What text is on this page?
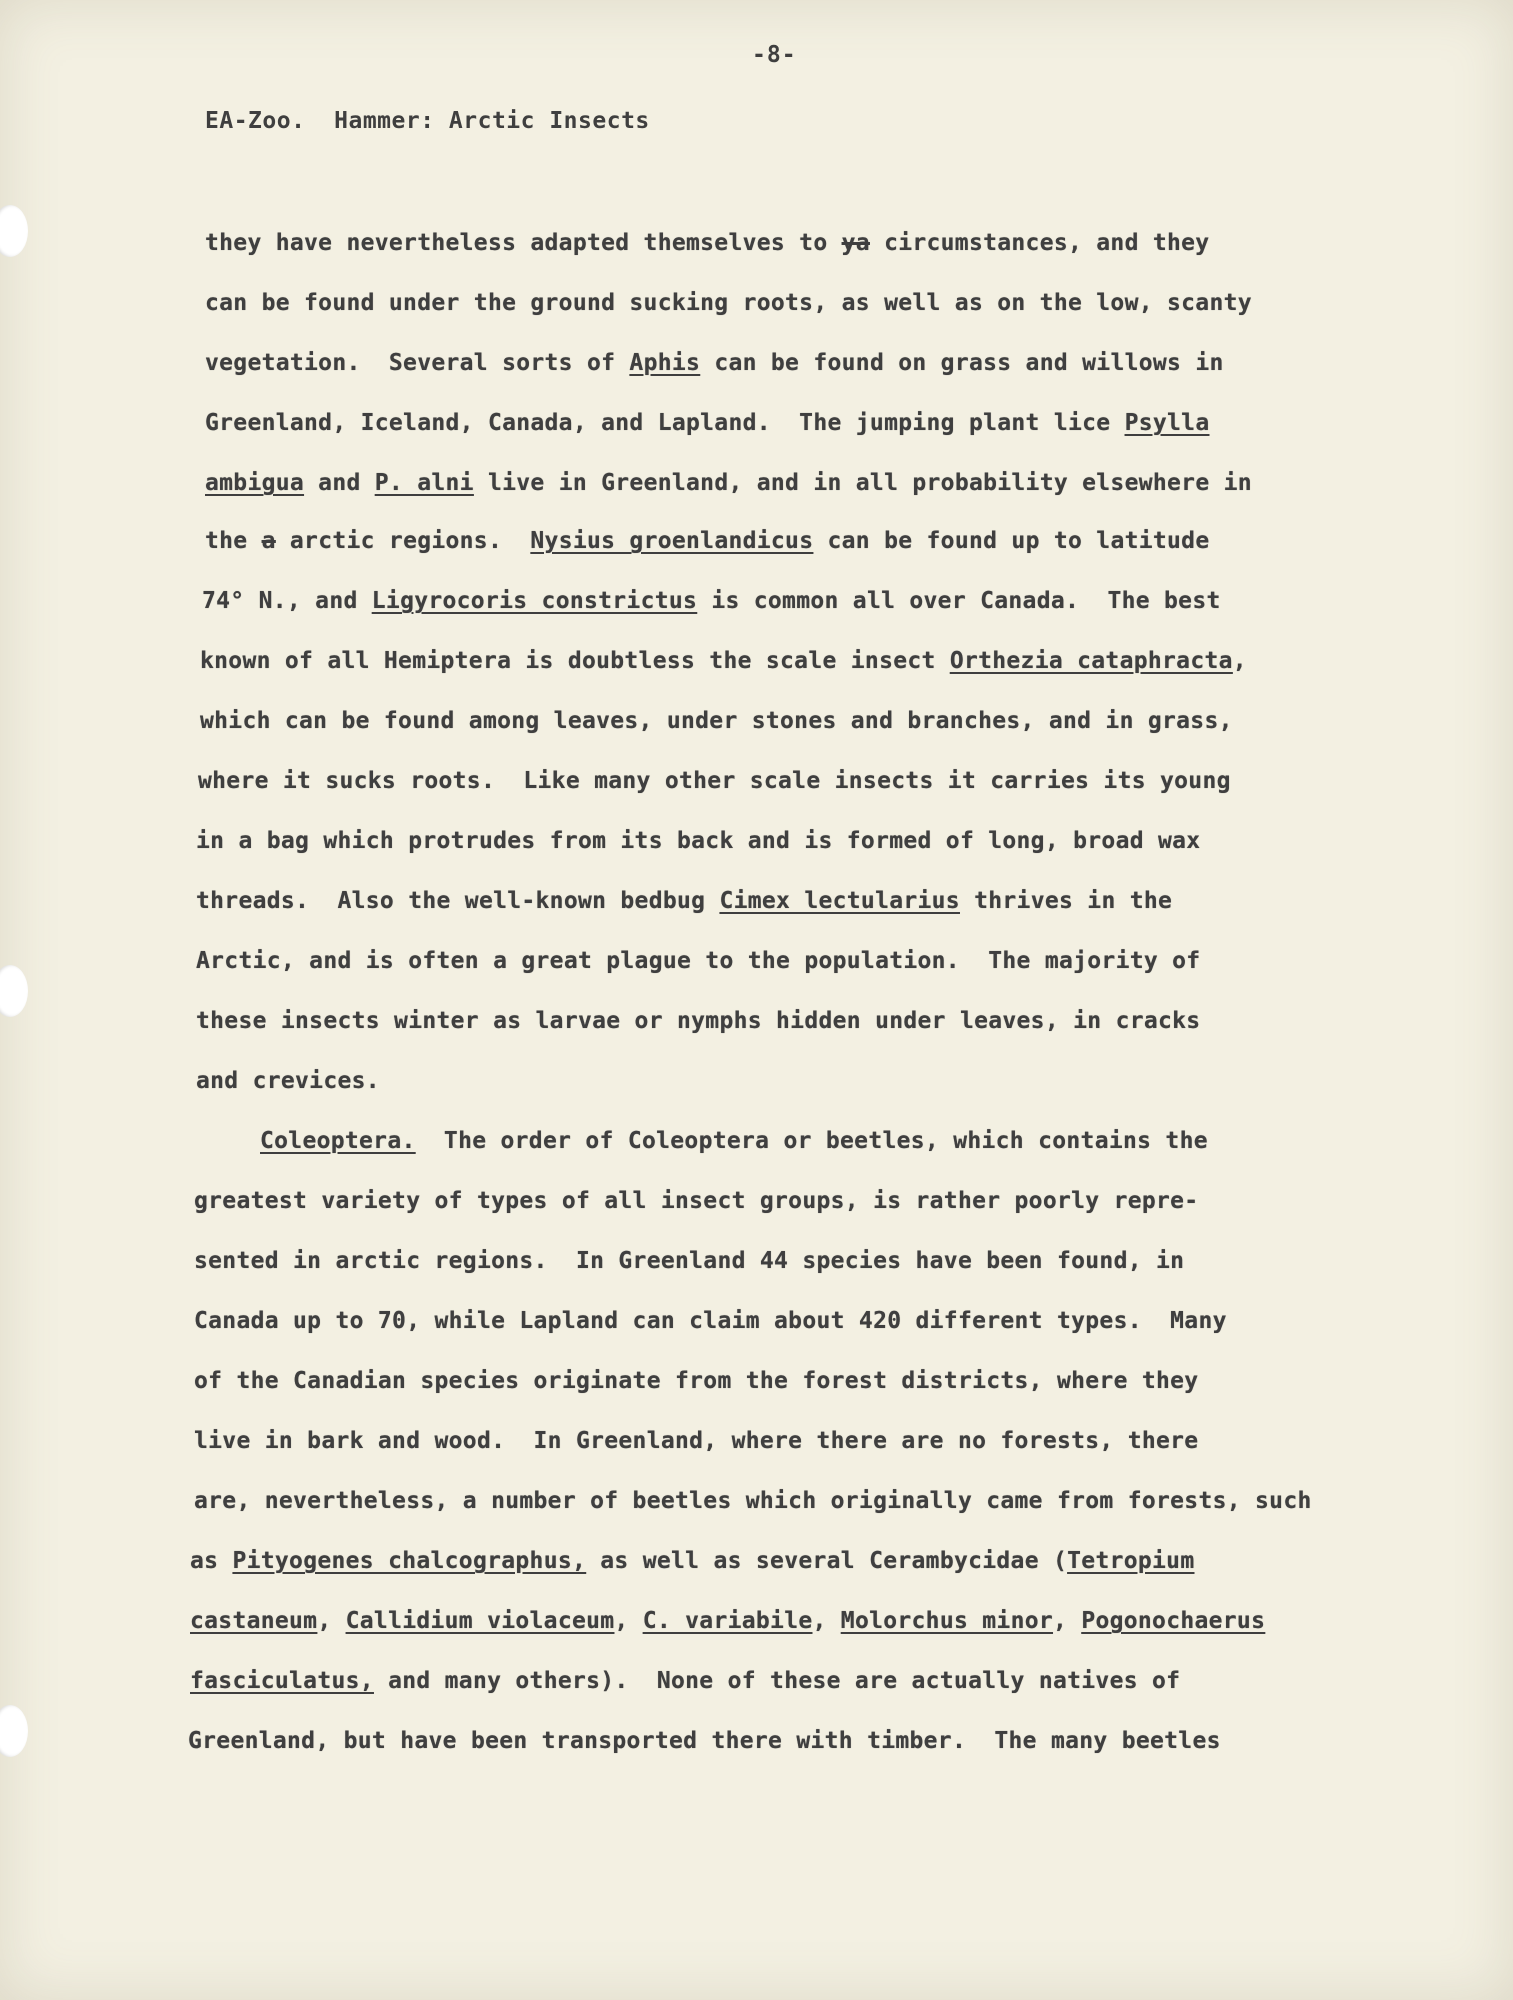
-8-
EA-Zoo.  Hammer: Arctic Insects
they have nevertheless adapted themselves to ya circumstances, and they
can be found under the ground sucking roots, as well as on the low, scanty
vegetation.  Several sorts of Aphis can be found on grass and willows in
Greenland, Iceland, Canada, and Lapland.  The jumping plant lice Psylla
ambigua and P. alni live in Greenland, and in all probability elsewhere in
the a arctic regions.  Nysius groenlandicus can be found up to latitude
74° N., and Ligyrocoris constrictus is common all over Canada.  The best
known of all Hemiptera is doubtless the scale insect Orthezia cataphracta,
which can be found among leaves, under stones and branches, and in grass,
where it sucks roots.  Like many other scale insects it carries its young
in a bag which protrudes from its back and is formed of long, broad wax
threads.  Also the well-known bedbug Cimex lectularius thrives in the
Arctic, and is often a great plague to the population.  The majority of
these insects winter as larvae or nymphs hidden under leaves, in cracks
and crevices.
Coleoptera.  The order of Coleoptera or beetles, which contains the
greatest variety of types of all insect groups, is rather poorly repre-
sented in arctic regions.  In Greenland 44 species have been found, in
Canada up to 70, while Lapland can claim about 420 different types.  Many
of the Canadian species originate from the forest districts, where they
live in bark and wood.  In Greenland, where there are no forests, there
are, nevertheless, a number of beetles which originally came from forests, such
as Pityogenes chalcographus, as well as several Cerambycidae (Tetropium
castaneum, Callidium violaceum, C. variabile, Molorchus minor, Pogonochaerus
fasciculatus, and many others).  None of these are actually natives of
Greenland, but have been transported there with timber.  The many beetles
